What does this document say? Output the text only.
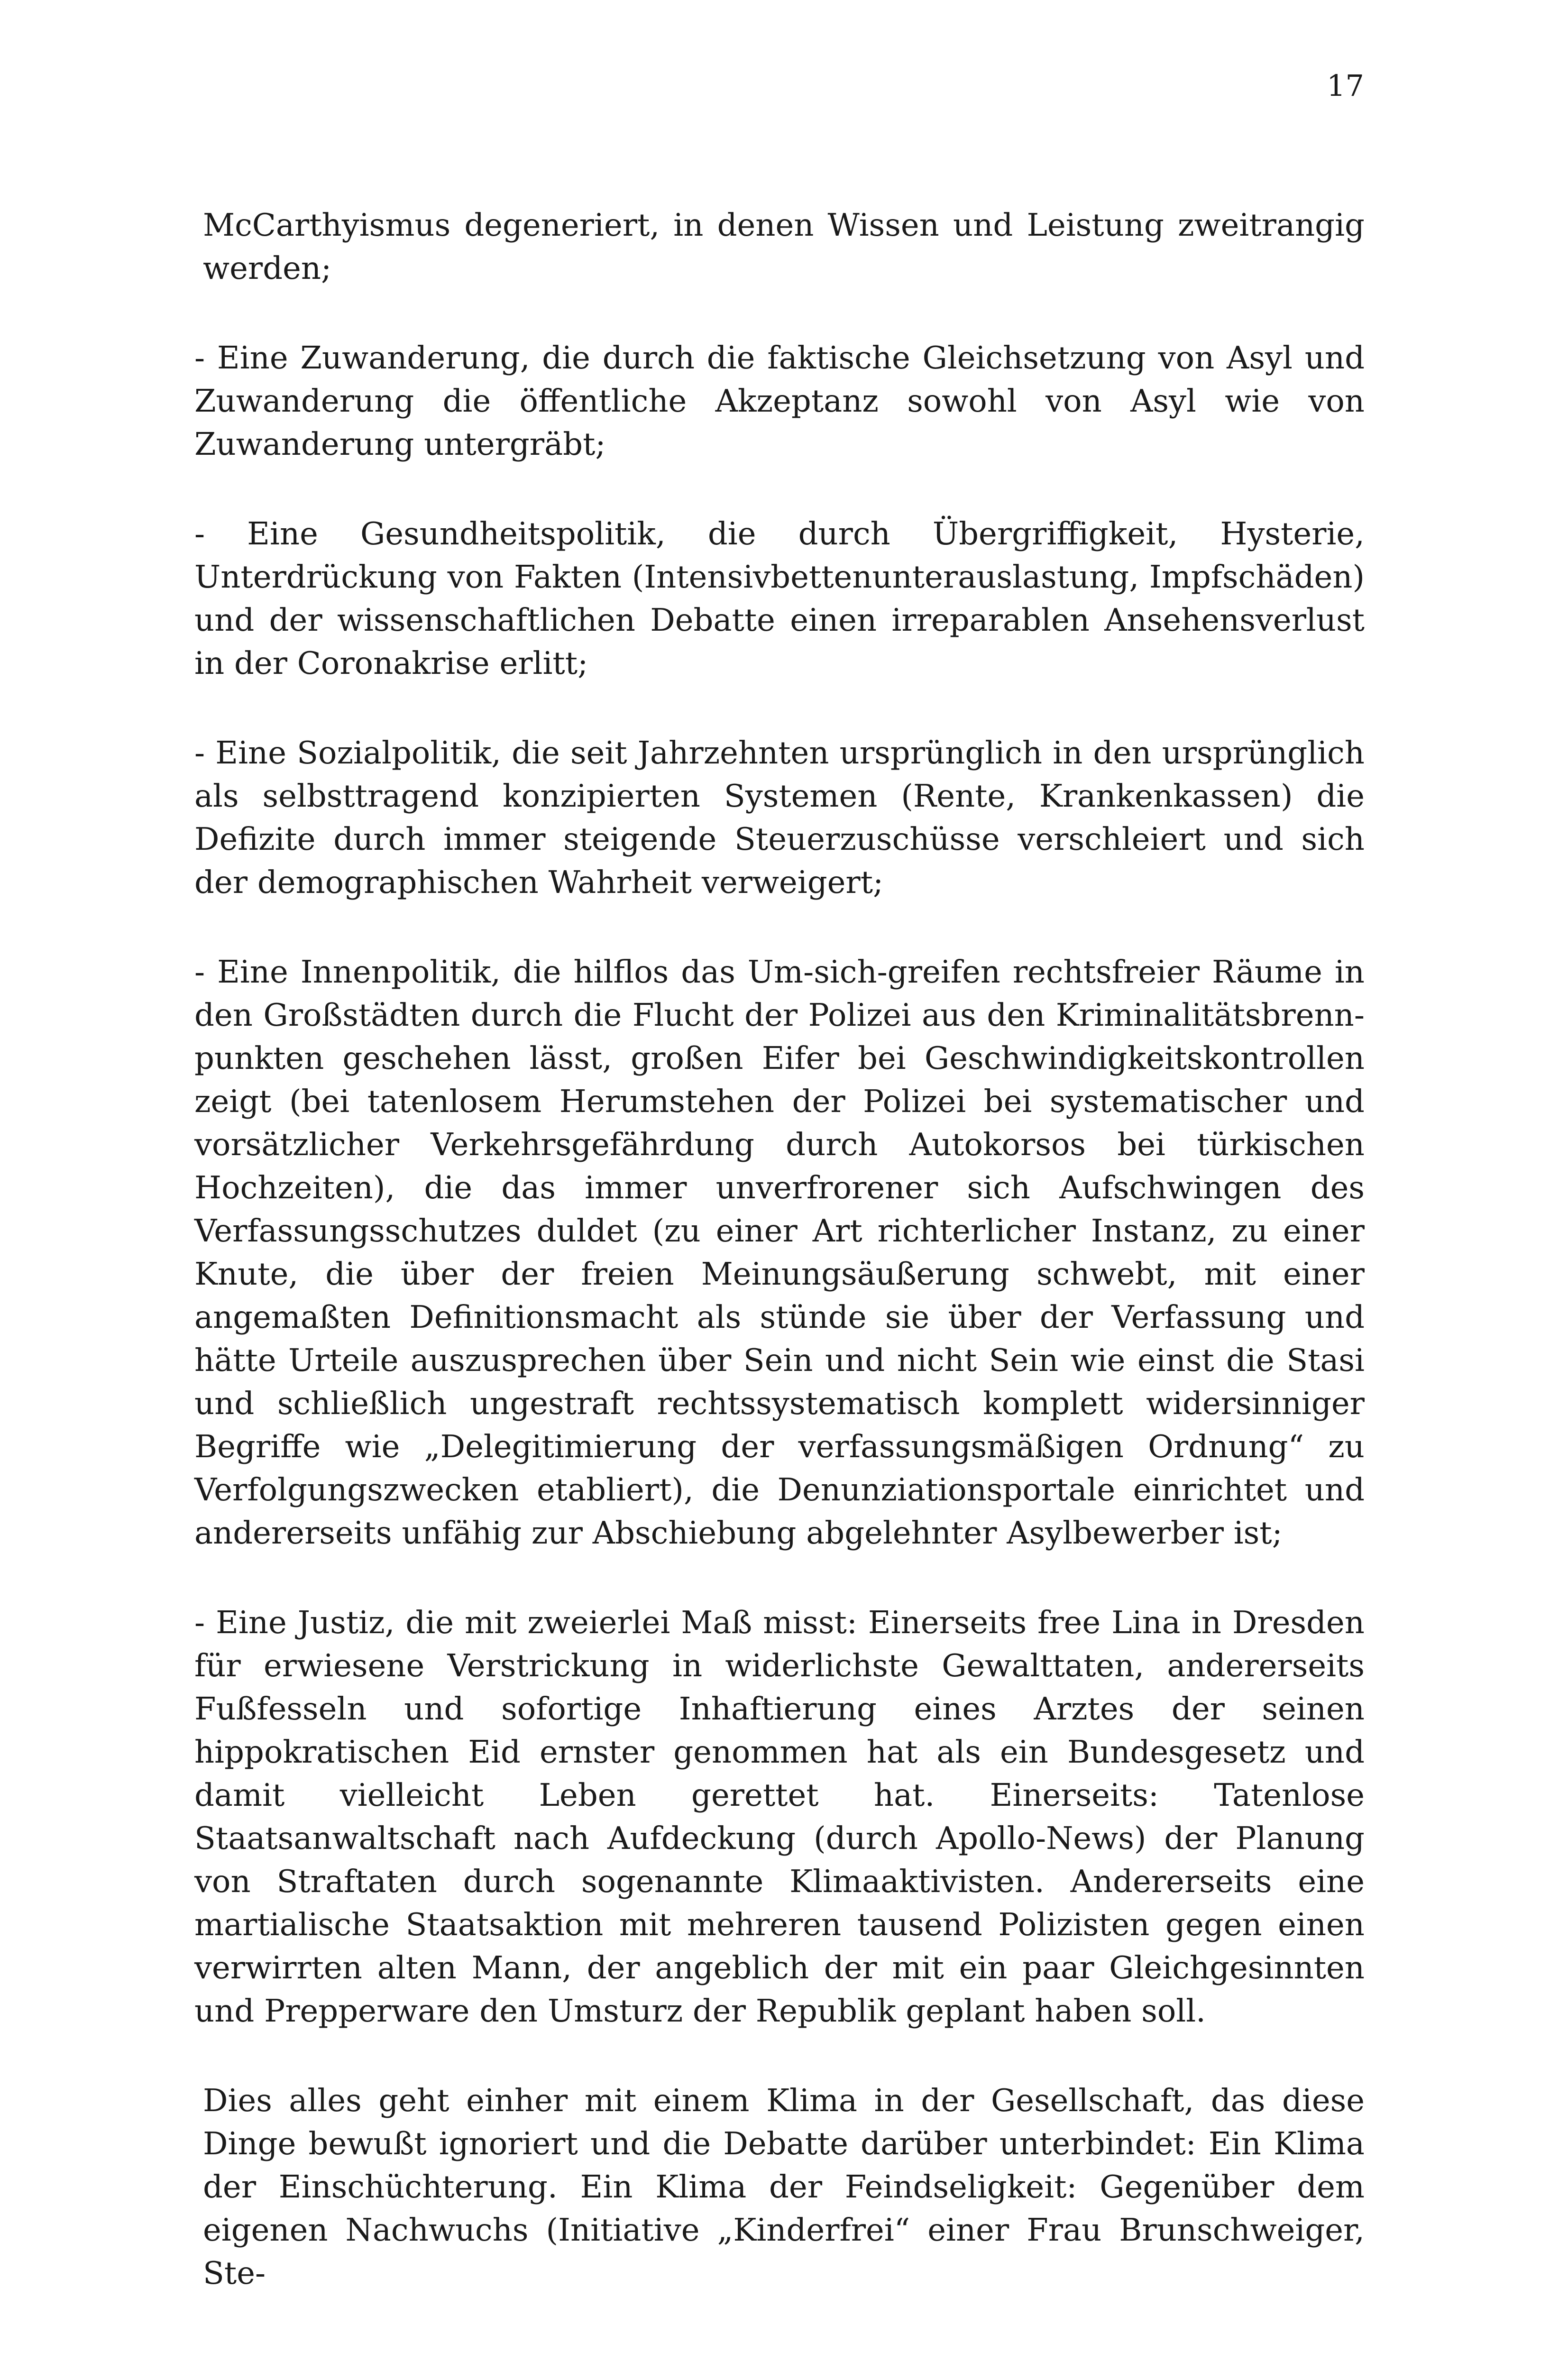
17

McCarthyismus degeneriert, in denen Wissen und Leistung zweitrangig werden;

- Eine Zuwanderung, die durch die faktische Gleichsetzung von Asyl und Zuwanderung die öffentliche Akzeptanz sowohl von Asyl wie von Zuwanderung untergräbt;

- Eine Gesundheitspolitik, die durch Übergriffigkeit, Hysterie, Unterdrückung von Fakten (Intensivbettenunterauslastung, Impfschäden) und der wissenschaftlichen Debatte einen irreparablen Ansehensverlust in der Coronakrise erlitt;

- Eine Sozialpolitik, die seit Jahrzehnten ursprünglich in den ursprünglich als selbsttragend konzipierten Systemen (Rente, Krankenkassen) die Defizite durch immer steigende Steuerzuschüsse verschleiert und sich der demographischen Wahrheit verweigert;

- Eine Innenpolitik, die hilflos das Um-sich-greifen rechtsfreier Räume in den Großstädten durch die Flucht der Polizei aus den Kriminalitätsbrennpunkten geschehen lässt, großen Eifer bei Geschwindigkeitskontrollen zeigt (bei tatenlosem Herumstehen der Polizei bei systematischer und vorsätzlicher Verkehrsgefährdung durch Autokorsos bei türkischen Hochzeiten), die das immer unverfrorener sich Aufschwingen des Verfassungsschutzes duldet (zu einer Art richterlicher Instanz, zu einer Knute, die über der freien Meinungsäußerung schwebt, mit einer angemaßten Definitionsmacht als stünde sie über der Verfassung und hätte Urteile auszusprechen über Sein und nicht Sein wie einst die Stasi und schließlich ungestraft rechtssystematisch komplett widersinniger Begriffe wie „Delegitimierung der verfassungsmäßigen Ordnung“ zu Verfolgungszwecken etabliert), die Denunziationsportale einrichtet und andererseits unfähig zur Abschiebung abgelehnter Asylbewerber ist;

- Eine Justiz, die mit zweierlei Maß misst: Einerseits free Lina in Dresden für erwiesene Verstrickung in widerlichste Gewalttaten, andererseits Fußfesseln und sofortige Inhaftierung eines Arztes der seinen hippokratischen Eid ernster genommen hat als ein Bundesgesetz und damit vielleicht Leben gerettet hat. Einerseits: Tatenlose Staatsanwaltschaft nach Aufdeckung (durch Apollo-News) der Planung von Straftaten durch sogenannte Klimaaktivisten. Andererseits eine martialische Staatsaktion mit mehreren tausend Polizisten gegen einen verwirrten alten Mann, der angeblich der mit ein paar Gleichgesinnten und Prepperware den Umsturz der Republik geplant haben soll.

Dies alles geht einher mit einem Klima in der Gesellschaft, das diese Dinge bewußt ignoriert und die Debatte darüber unterbindet: Ein Klima der Einschüchterung. Ein Klima der Feindseligkeit: Gegenüber dem eigenen Nachwuchs (Initiative „Kinderfrei“ einer Frau Brunschweiger, Ste-
